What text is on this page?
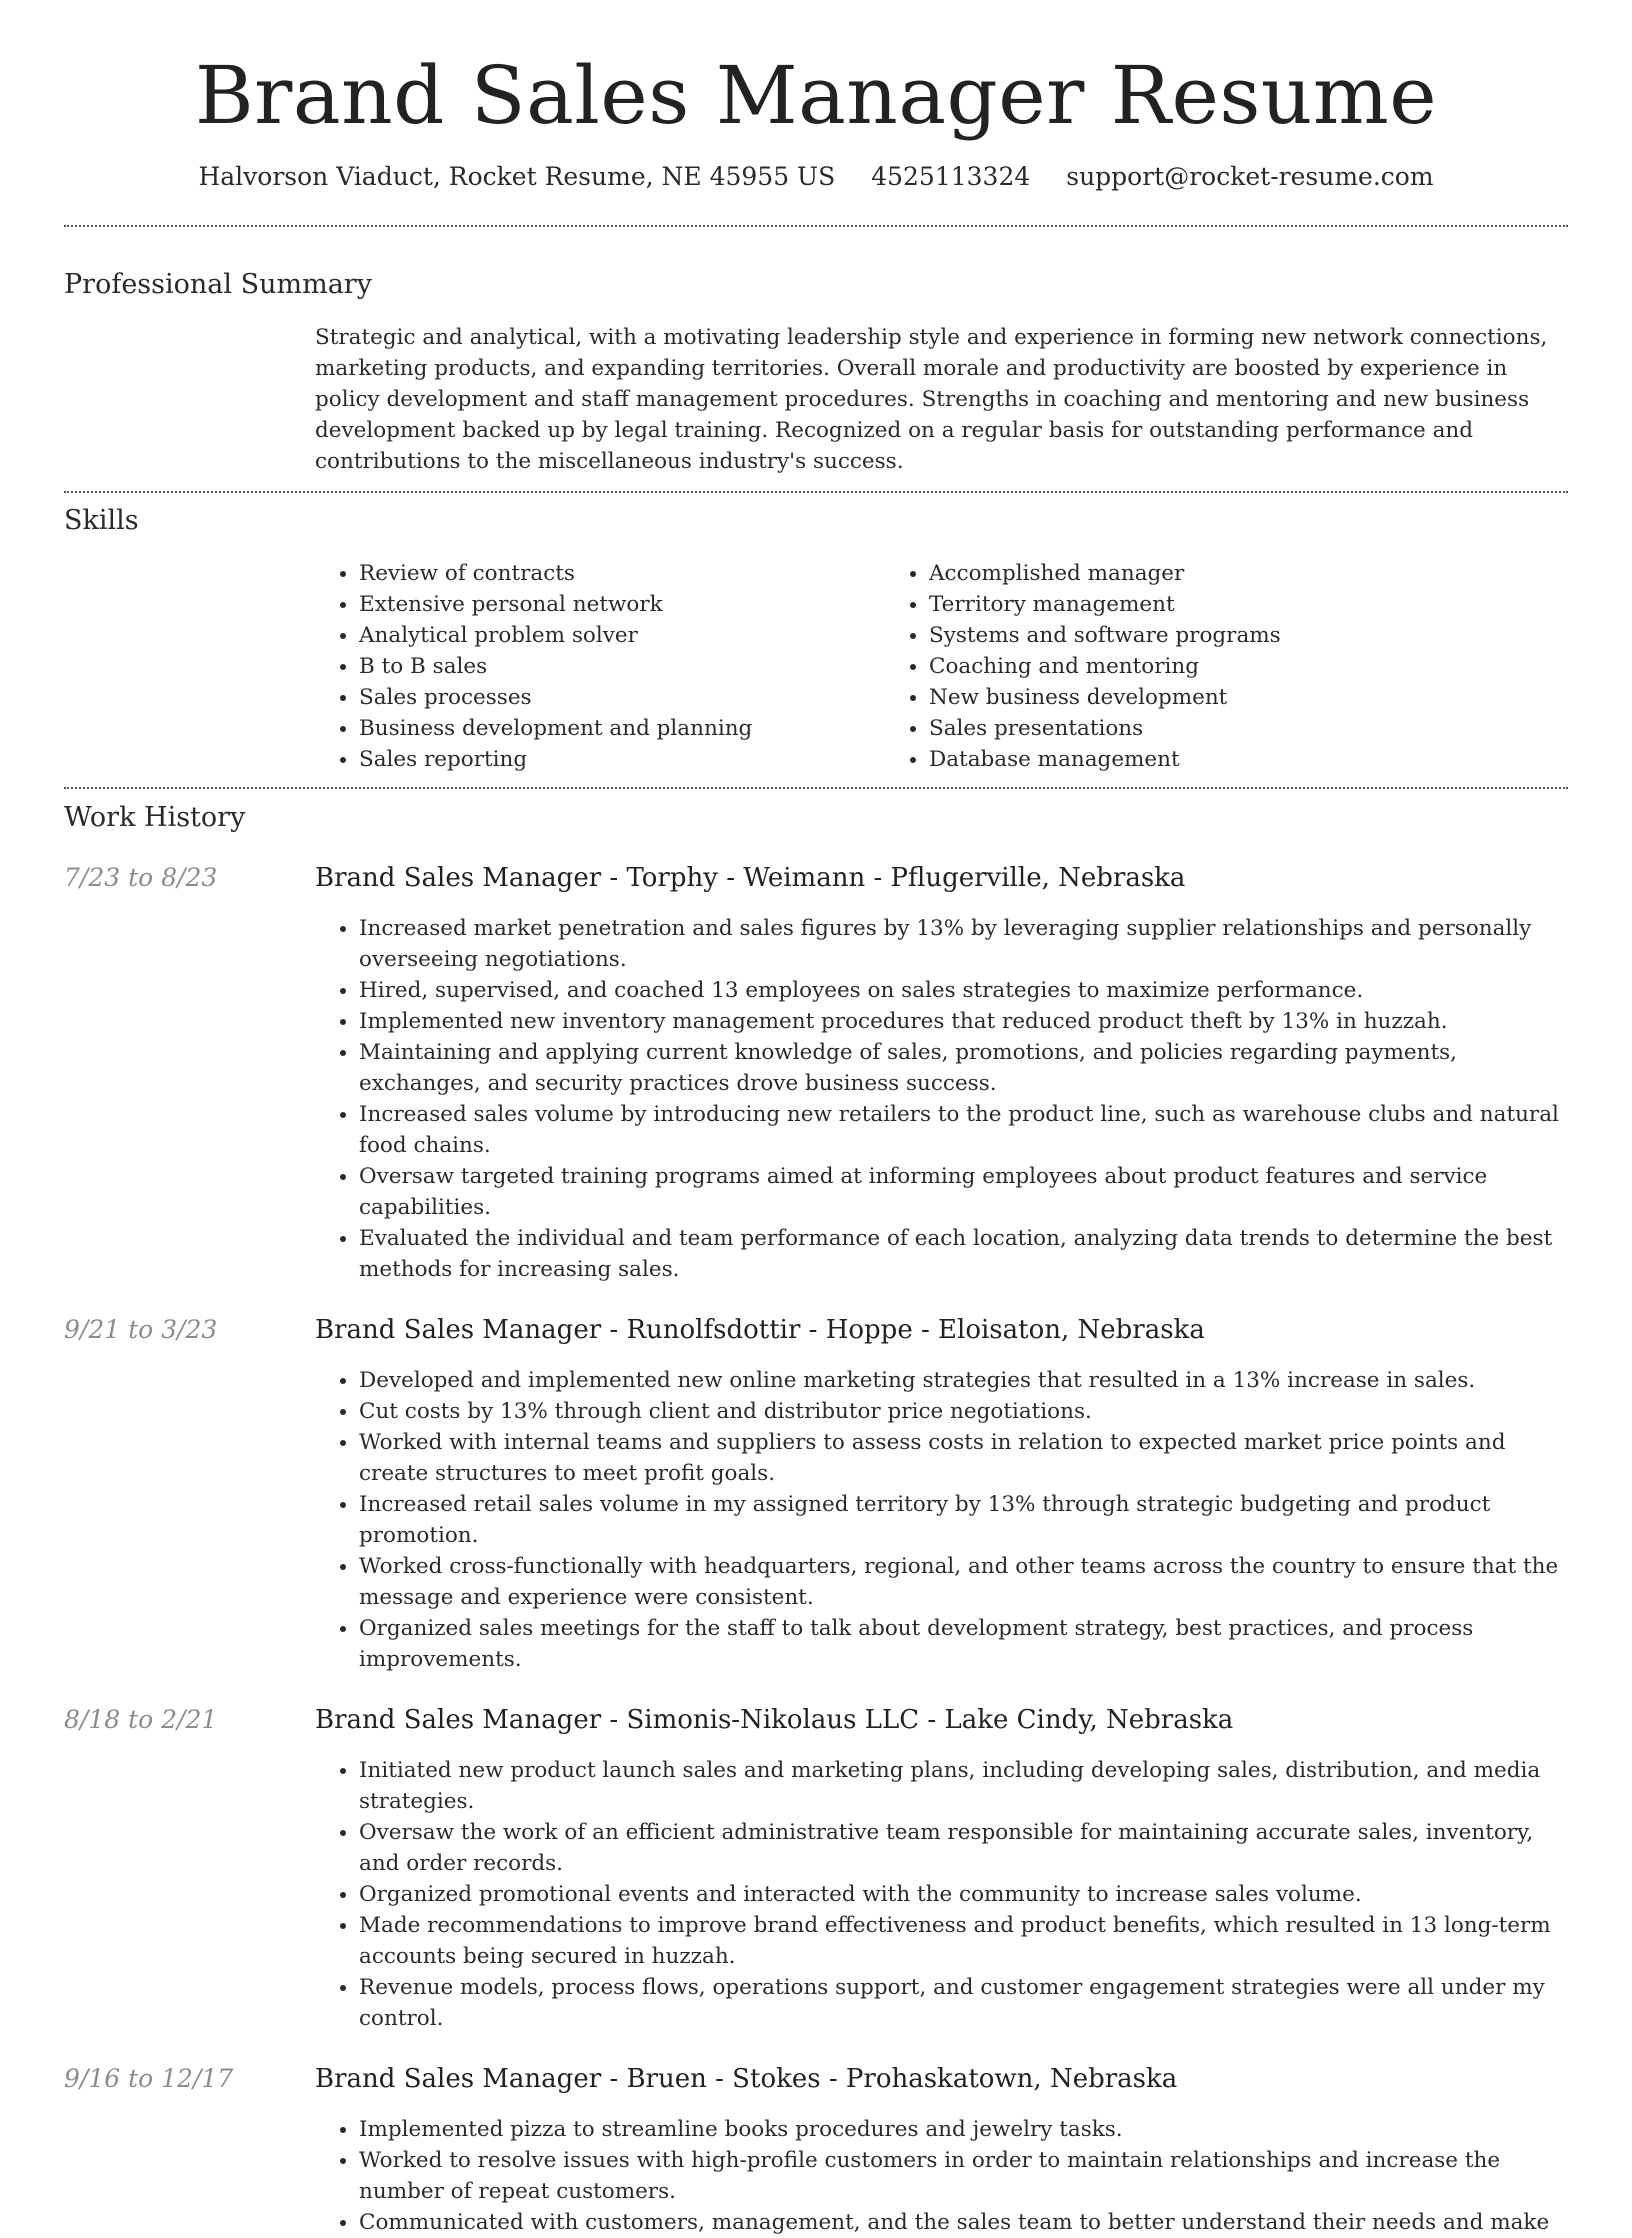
Brand Sales Manager Resume
Halvorson Viaduct, Rocket Resume, NE 45955 US 4525113324 support@rocket-resume.com
Professional Summary

Strategic and analytical, with a motivating leadership style and experience in forming new network connections, marketing products, and expanding territories. Overall morale and productivity are boosted by experience in policy development and staff management procedures. Strengths in coaching and mentoring and new business development backed up by legal training. Recognized on a regular basis for outstanding performance and contributions to the miscellaneous industry's success.

Skills
• Review of contracts
• Extensive personal network
• Analytical problem solver
• B to B sales
• Sales processes
• Business development and planning
• Sales reporting
• Accomplished manager
• Territory management
• Systems and software programs
• Coaching and mentoring
• New business development
• Sales presentations
• Database management
Work History
7/23 to 8/23	Brand Sales Manager - Torphy - Weimann - Pflugerville, Nebraska
• Increased market penetration and sales figures by 13% by leveraging supplier relationships and personally overseeing negotiations.
• Hired, supervised, and coached 13 employees on sales strategies to maximize performance.
• Implemented new inventory management procedures that reduced product theft by 13% in huzzah.
• Maintaining and applying current knowledge of sales, promotions, and policies regarding payments, exchanges, and security practices drove business success.
• Increased sales volume by introducing new retailers to the product line, such as warehouse clubs and natural food chains.
• Oversaw targeted training programs aimed at informing employees about product features and service capabilities.
• Evaluated the individual and team performance of each location, analyzing data trends to determine the best methods for increasing sales.
9/21 to 3/23	Brand Sales Manager - Runolfsdottir - Hoppe - Eloisaton, Nebraska
• Developed and implemented new online marketing strategies that resulted in a 13% increase in sales.
• Cut costs by 13% through client and distributor price negotiations.
• Worked with internal teams and suppliers to assess costs in relation to expected market price points and create structures to meet profit goals.
• Increased retail sales volume in my assigned territory by 13% through strategic budgeting and product promotion.
• Worked cross-functionally with headquarters, regional, and other teams across the country to ensure that the message and experience were consistent.
• Organized sales meetings for the staff to talk about development strategy, best practices, and process improvements.
8/18 to 2/21	Brand Sales Manager - Simonis-Nikolaus LLC - Lake Cindy, Nebraska
• Initiated new product launch sales and marketing plans, including developing sales, distribution, and media strategies.
• Oversaw the work of an efficient administrative team responsible for maintaining accurate sales, inventory, and order records.
• Organized promotional events and interacted with the community to increase sales volume.
• Made recommendations to improve brand effectiveness and product benefits, which resulted in 13 long-term accounts being secured in huzzah.
• Revenue models, process flows, operations support, and customer engagement strategies were all under my control.
9/16 to 12/17	Brand Sales Manager - Bruen - Stokes - Prohaskatown, Nebraska
• Implemented pizza to streamline books procedures and jewelry tasks.
• Worked to resolve issues with high-profile customers in order to maintain relationships and increase the number of repeat customers.
• Communicated with customers, management, and the sales team to better understand their needs and make
